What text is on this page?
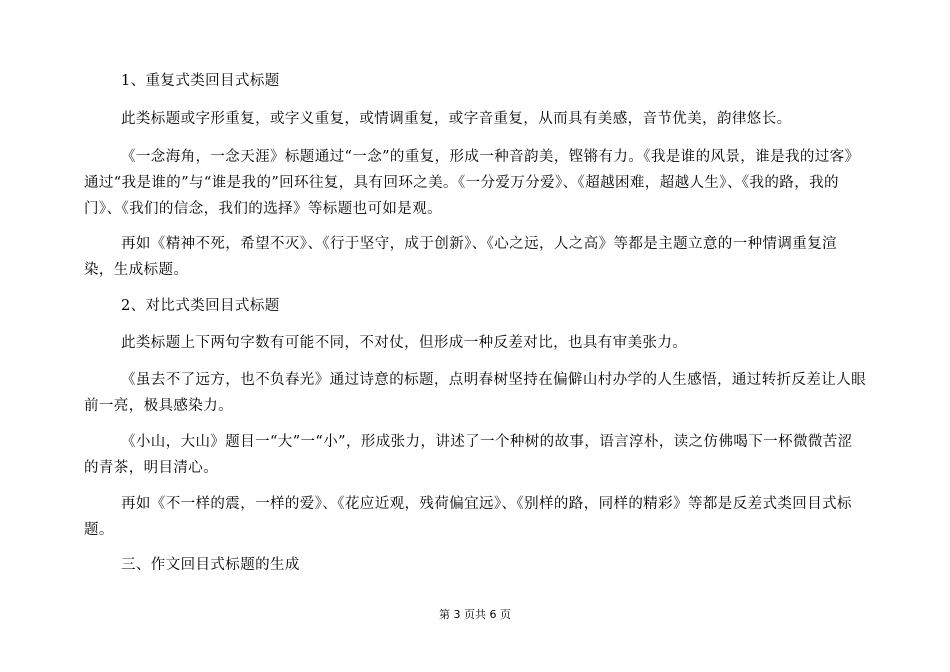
1、重复式类回目式标题
此类标题或字形重复，或字义重复，或情调重复，或字音重复，从而具有美感，音节优美，韵律悠长。
《一念海角，一念天涯》标题通过“一念”的重复，形成一种音韵美，铿锵有力。《我是谁的风景，谁是我的过客》通过“我是谁的”与“谁是我的”回环往复，具有回环之美。《一分爱万分爱》、《超越困难，超越人生》、《我的路，我的门》、《我们的信念，我们的选择》等标题也可如是观。
再如《精神不死，希望不灭》、《行于坚守，成于创新》、《心之远，人之高》等都是主题立意的一种情调重复渲染，生成标题。
2、对比式类回目式标题
此类标题上下两句字数有可能不同，不对仗，但形成一种反差对比，也具有审美张力。
《虽去不了远方，也不负春光》通过诗意的标题，点明春树坚持在偏僻山村办学的人生感悟，通过转折反差让人眼前一亮，极具感染力。
《小山，大山》题目一“大”一“小”，形成张力，讲述了一个种树的故事，语言淳朴，读之仿佛喝下一杯微微苦涩的青茶，明目清心。
再如《不一样的震，一样的爱》、《花应近观，残荷偏宜远》、《别样的路，同样的精彩》等都是反差式类回目式标题。
三、作文回目式标题的生成
第 3 页共 6 页
